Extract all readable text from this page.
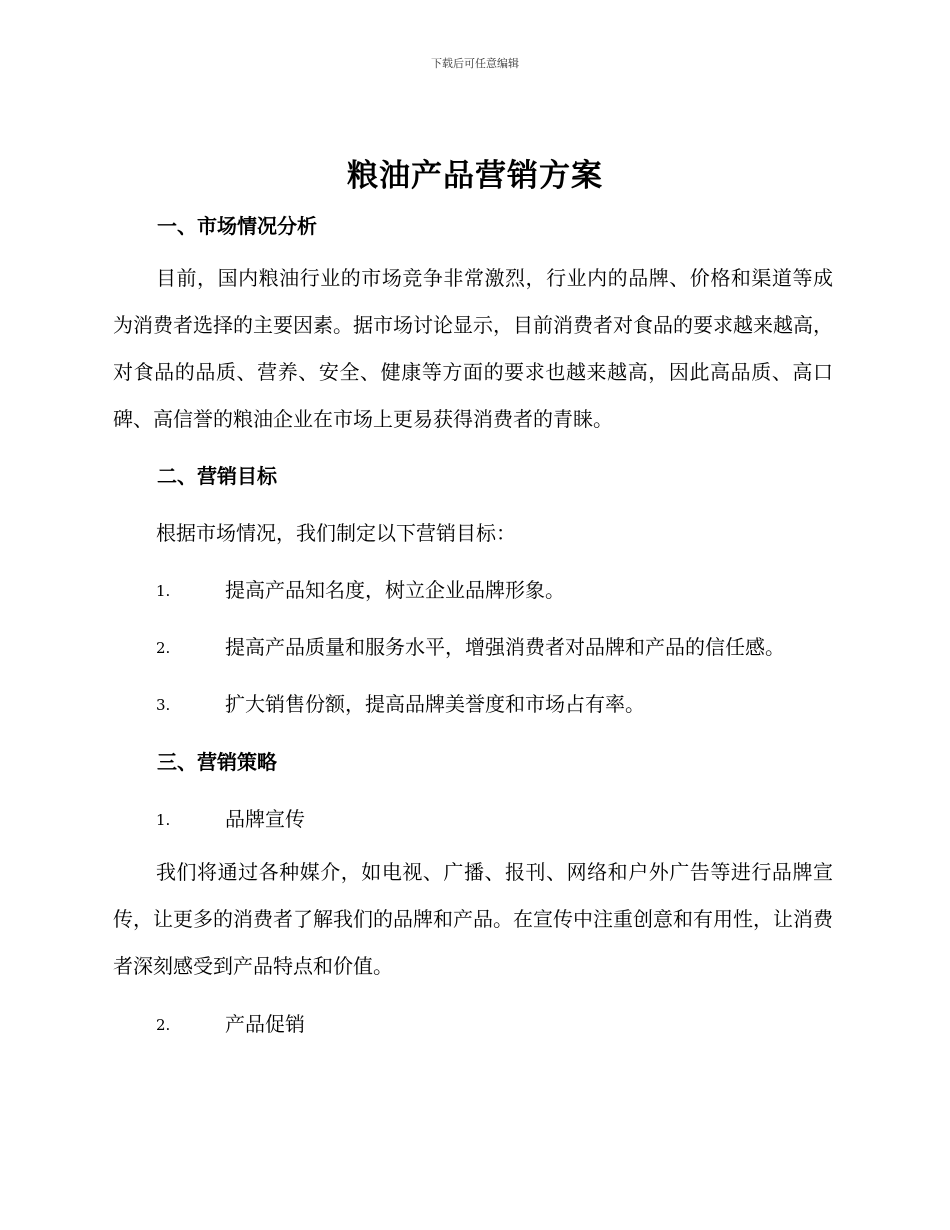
下载后可任意编辑
粮油产品营销方案
一、市场情况分析
目前，国内粮油行业的市场竞争非常激烈，行业内的品牌、价格和渠道等成为消费者选择的主要因素。据市场讨论显示，目前消费者对食品的要求越来越高，对食品的品质、营养、安全、健康等方面的要求也越来越高，因此高品质、高口碑、高信誉的粮油企业在市场上更易获得消费者的青睐。
二、营销目标
根据市场情况，我们制定以下营销目标：
1.	提高产品知名度，树立企业品牌形象。
2.	提高产品质量和服务水平，增强消费者对品牌和产品的信任感。
3.	扩大销售份额，提高品牌美誉度和市场占有率。
三、营销策略
1.	品牌宣传
我们将通过各种媒介，如电视、广播、报刊、网络和户外广告等进行品牌宣传，让更多的消费者了解我们的品牌和产品。在宣传中注重创意和有用性，让消费者深刻感受到产品特点和价值。
2.	产品促销
